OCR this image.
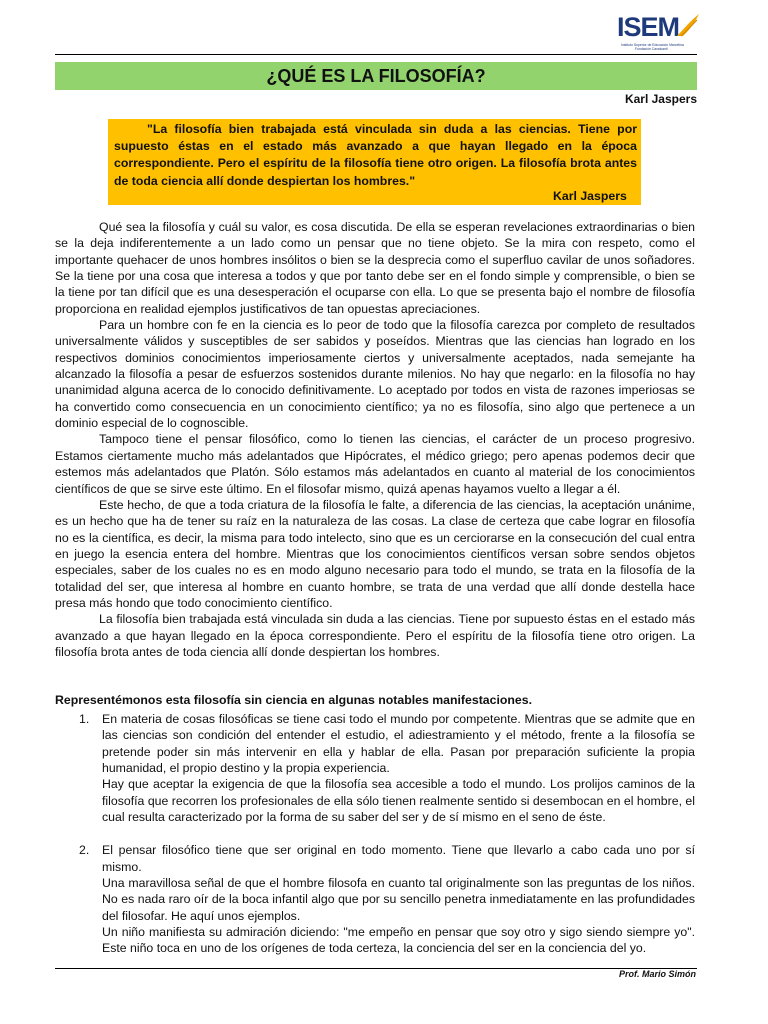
ISEM
Instituto Superior de Educación Marcelina
Fundación Cavalcanti
¿QUÉ ES LA FILOSOFÍA?
Karl Jaspers
"La filosofía bien trabajada está vinculada sin duda a las ciencias. Tiene por supuesto éstas en el estado más avanzado a que hayan llegado en la época correspondiente. Pero el espíritu de la filosofía tiene otro origen. La filosofía brota antes de toda ciencia allí donde despiertan los hombres."
Karl Jaspers

Qué sea la filosofía y cuál su valor, es cosa discutida. De ella se esperan revelaciones extraordinarias o bien se la deja indiferentemente a un lado como un pensar que no tiene objeto. Se la mira con respeto, como el importante quehacer de unos hombres insólitos o bien se la desprecia como el superfluo cavilar de unos soñadores. Se la tiene por una cosa que interesa a todos y que por tanto debe ser en el fondo simple y comprensible, o bien se la tiene por tan difícil que es una desesperación el ocuparse con ella. Lo que se presenta bajo el nombre de filosofía proporciona en realidad ejemplos justificativos de tan opuestas apreciaciones.

Para un hombre con fe en la ciencia es lo peor de todo que la filosofía carezca por completo de resultados universalmente válidos y susceptibles de ser sabidos y poseídos. Mientras que las ciencias han logrado en los respectivos dominios conocimientos imperiosamente ciertos y universalmente aceptados, nada semejante ha alcanzado la filosofía a pesar de esfuerzos sostenidos durante milenios. No hay que negarlo: en la filosofía no hay unanimidad alguna acerca de lo conocido definitivamente. Lo aceptado por todos en vista de razones imperiosas se ha convertido como consecuencia en un conocimiento científico; ya no es filosofía, sino algo que pertenece a un dominio especial de lo cognoscible.

Tampoco tiene el pensar filosófico, como lo tienen las ciencias, el carácter de un proceso progresivo. Estamos ciertamente mucho más adelantados que Hipócrates, el médico griego; pero apenas podemos decir que estemos más adelantados que Platón. Sólo estamos más adelantados en cuanto al material de los conocimientos científicos de que se sirve este último. En el filosofar mismo, quizá apenas hayamos vuelto a llegar a él.

Este hecho, de que a toda criatura de la filosofía le falte, a diferencia de las ciencias, la aceptación unánime, es un hecho que ha de tener su raíz en la naturaleza de las cosas. La clase de certeza que cabe lograr en filosofía no es la científica, es decir, la misma para todo intelecto, sino que es un cerciorarse en la consecución del cual entra en juego la esencia entera del hombre. Mientras que los conocimientos científicos versan sobre sendos objetos especiales, saber de los cuales no es en modo alguno necesario para todo el mundo, se trata en la filosofía de la totalidad del ser, que interesa al hombre en cuanto hombre, se trata de una verdad que allí donde destella hace presa más hondo que todo conocimiento científico.

La filosofía bien trabajada está vinculada sin duda a las ciencias. Tiene por supuesto éstas en el estado más avanzado a que hayan llegado en la época correspondiente. Pero el espíritu de la filosofía tiene otro origen. La filosofía brota antes de toda ciencia allí donde despiertan los hombres.

Representémonos esta filosofía sin ciencia en algunas notables manifestaciones.
1. En materia de cosas filosóficas se tiene casi todo el mundo por competente. Mientras que se admite que en las ciencias son condición del entender el estudio, el adiestramiento y el método, frente a la filosofía se pretende poder sin más intervenir en ella y hablar de ella. Pasan por preparación suficiente la propia humanidad, el propio destino y la propia experiencia.

Hay que aceptar la exigencia de que la filosofía sea accesible a todo el mundo. Los prolijos caminos de la filosofía que recorren los profesionales de ella sólo tienen realmente sentido si desembocan en el hombre, el cual resulta caracterizado por la forma de su saber del ser y de sí mismo en el seno de éste.

2. El pensar filosófico tiene que ser original en todo momento. Tiene que llevarlo a cabo cada uno por sí mismo.

Una maravillosa señal de que el hombre filosofa en cuanto tal originalmente son las preguntas de los niños. No es nada raro oír de la boca infantil algo que por su sencillo penetra inmediatamente en las profundidades del filosofar. He aquí unos ejemplos.

Un niño manifiesta su admiración diciendo: "me empeño en pensar que soy otro y sigo siendo siempre yo". Este niño toca en uno de los orígenes de toda certeza, la conciencia del ser en la conciencia del yo.

Prof. Mario Simón
